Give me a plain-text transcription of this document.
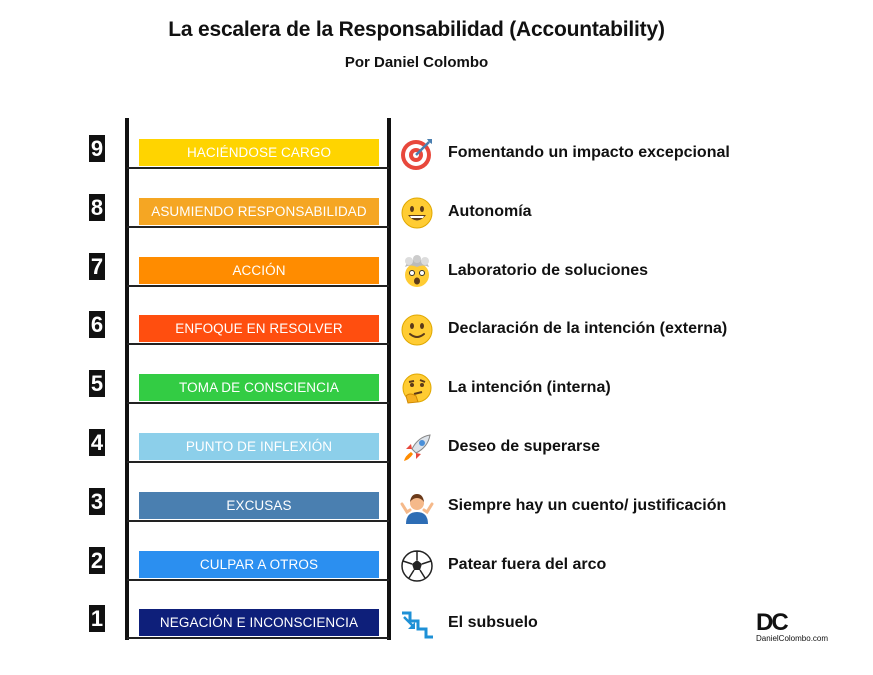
La escalera de la Responsabilidad (Accountability)
Por Daniel Colombo
9	HACIÉNDOSE CARGO	Fomentando un impacto excepcional
8	ASUMIENDO RESPONSABILIDAD	Autonomía
7	ACCIÓN	Laboratorio de soluciones
6	ENFOQUE EN RESOLVER	Declaración de la intención (externa)
5	TOMA DE CONSCIENCIA	La intención (interna)
4	PUNTO DE INFLEXIÓN	Deseo de superarse
3	EXCUSAS	Siempre hay un cuento/ justificación
2	CULPAR A OTROS	Patear fuera del arco
1	NEGACIÓN E INCONSCIENCIA	El subsuelo	DC
DanielColombo.com
